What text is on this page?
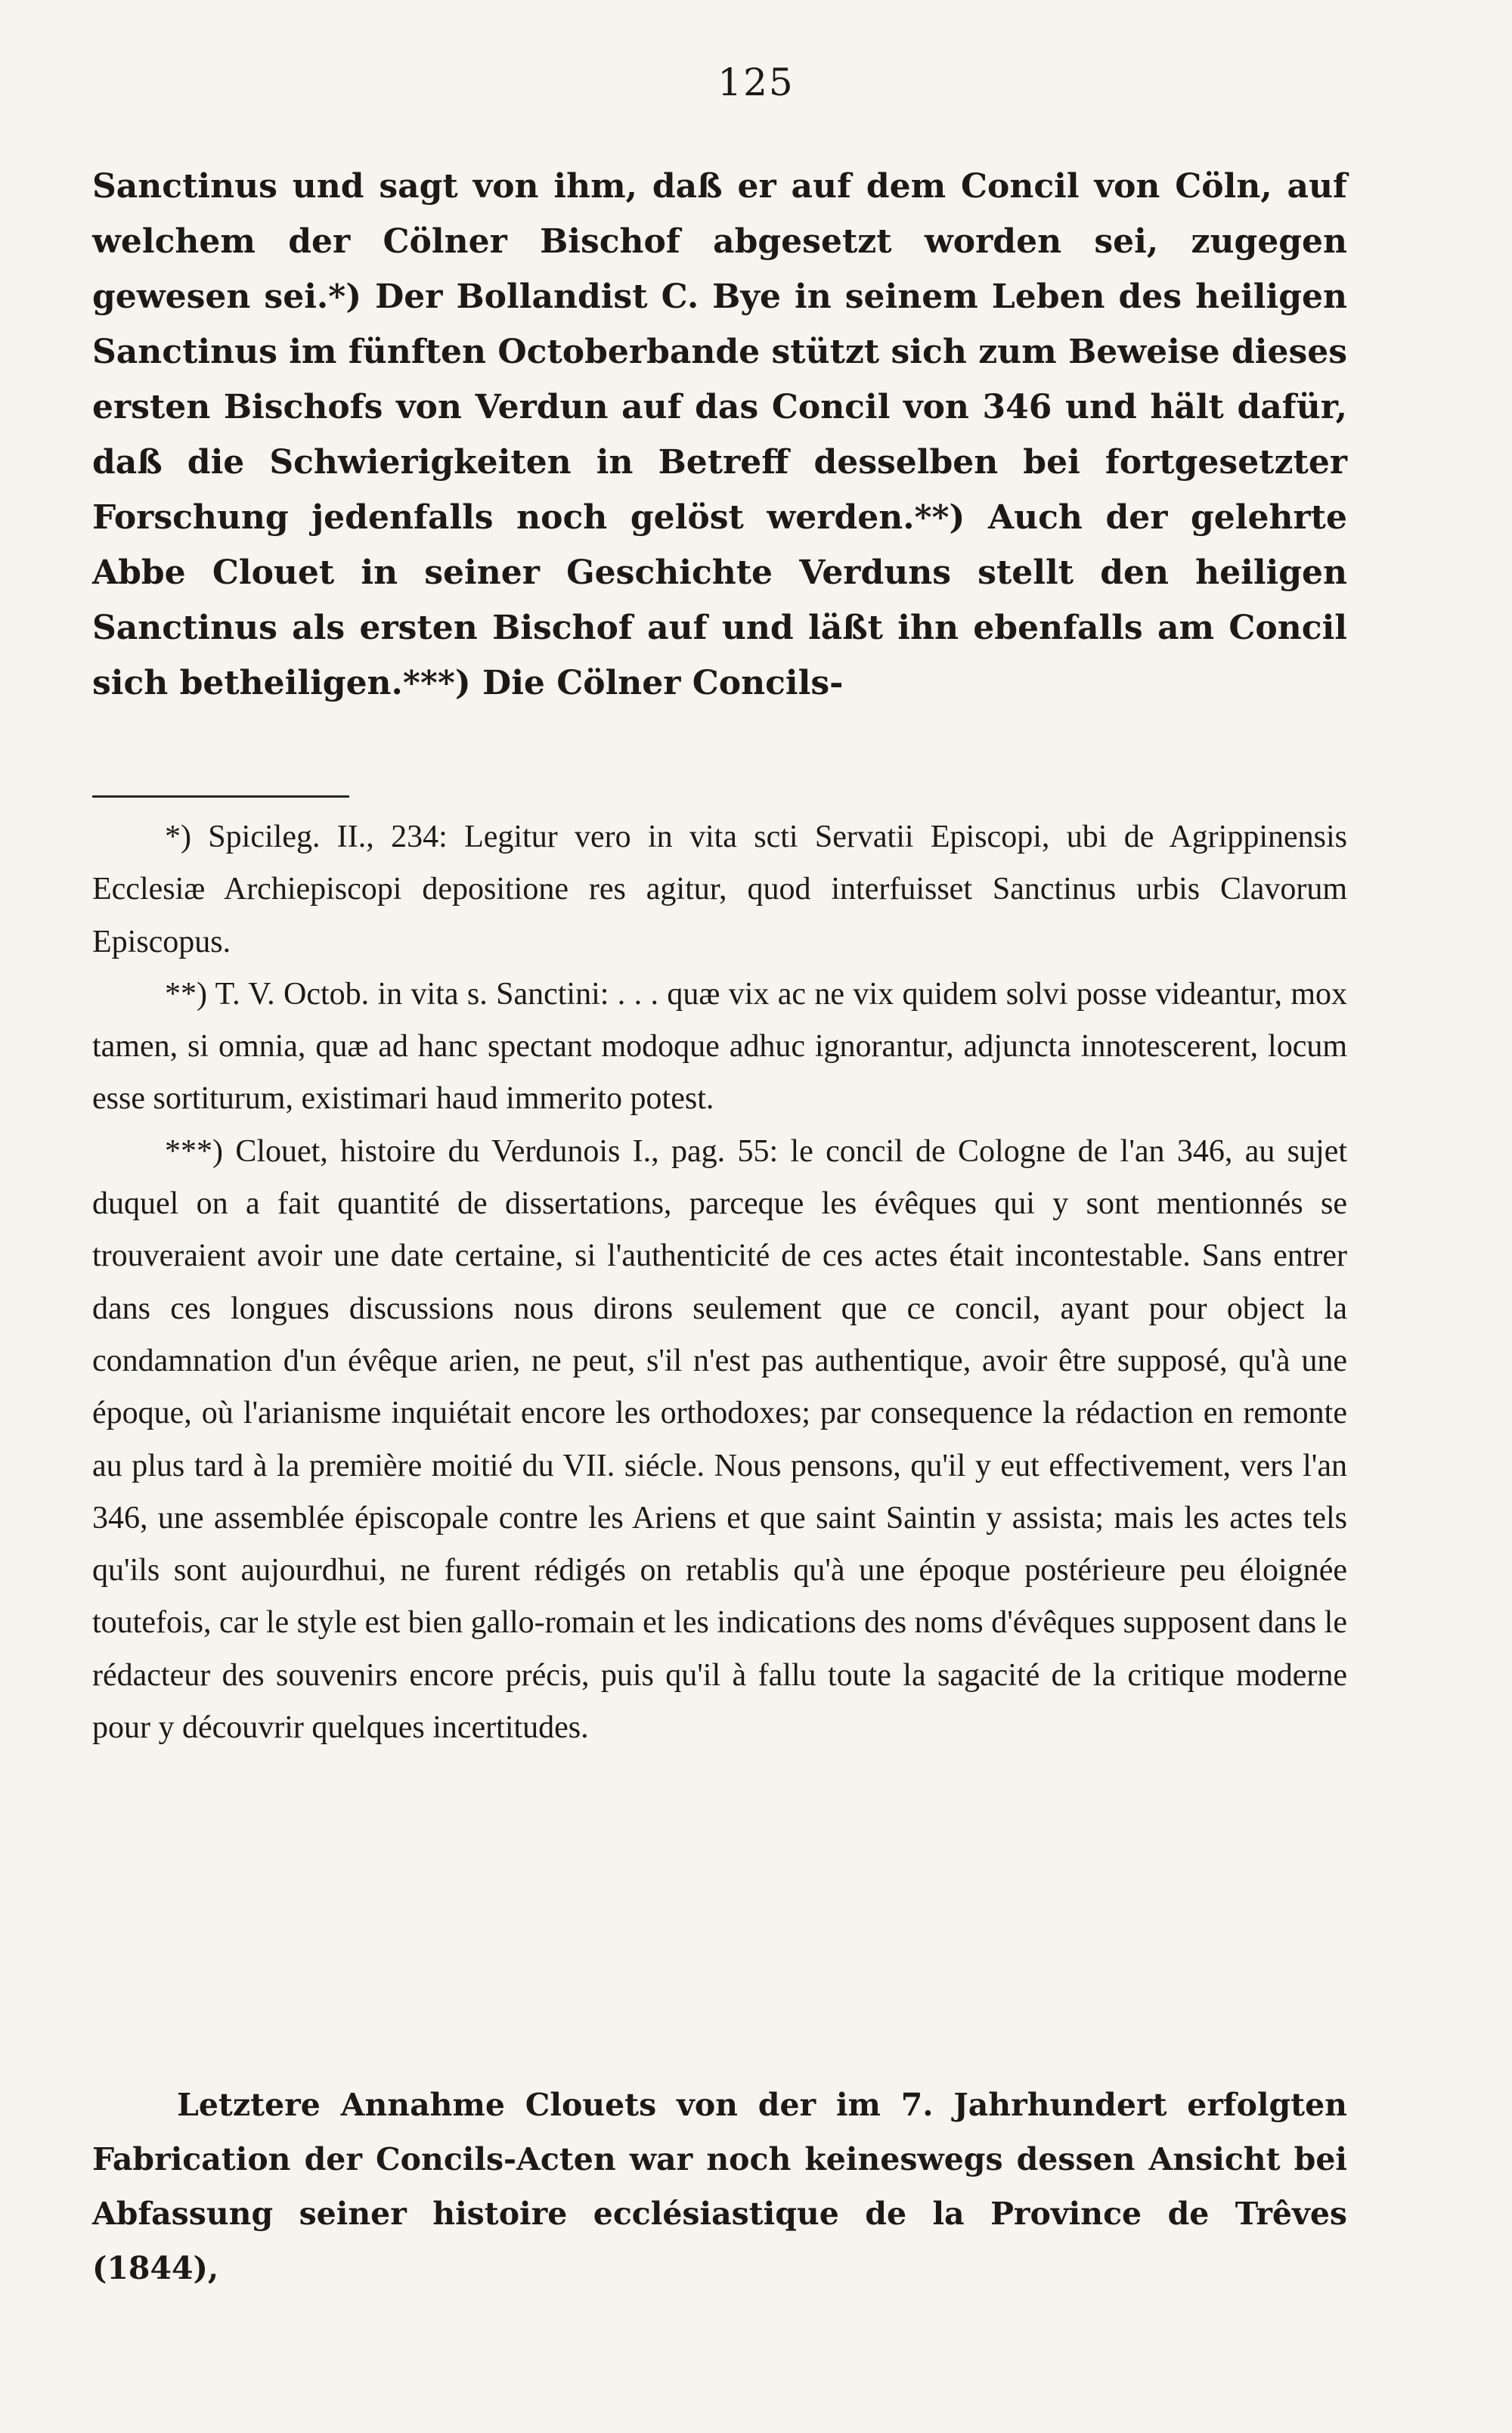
125
Sanctinus und sagt von ihm, daß er auf dem Concil von Cöln, auf welchem der Cölner Bischof abgesetzt worden sei, zugegen gewesen sei.*) Der Bollandist C. Bye in seinem Leben des heiligen Sanctinus im fünften Octoberbande stützt sich zum Beweise dieses ersten Bischofs von Verdun auf das Concil von 346 und hält dafür, daß die Schwierigkeiten in Betreff desselben bei fortgesetzter Forschung jedenfalls noch gelöst werden.**) Auch der gelehrte Abbe Clouet in seiner Geschichte Verduns stellt den heiligen Sanctinus als ersten Bischof auf und läßt ihn ebenfalls am Concil sich betheiligen.***) Die Cölner Concils-

*) Spicileg. II., 234: Legitur vero in vita scti Servatii Episcopi, ubi de Agrippinensis Ecclesiæ Archiepiscopi depositione res agitur, quod interfuisset Sanctinus urbis Clavorum Episcopus.

**) T. V. Octob. in vita s. Sanctini: . . . quæ vix ac ne vix quidem solvi posse videantur, mox tamen, si omnia, quæ ad hanc spectant modoque adhuc ignorantur, adjuncta innotescerent, locum esse sortiturum, existimari haud immerito potest.

***) Clouet, histoire du Verdunois I., pag. 55: le concil de Cologne de l'an 346, au sujet duquel on a fait quantité de dissertations, parceque les évêques qui y sont mentionnés se trouveraient avoir une date certaine, si l'authenticité de ces actes était incontestable. Sans entrer dans ces longues discussions nous dirons seulement que ce concil, ayant pour object la condamnation d'un évêque arien, ne peut, s'il n'est pas authentique, avoir être supposé, qu'à une époque, où l'arianisme inquiétait encore les orthodoxes; par consequence la rédaction en remonte au plus tard à la première moitié du VII. siécle. Nous pensons, qu'il y eut effectivement, vers l'an 346, une assemblée épiscopale contre les Ariens et que saint Saintin y assista; mais les actes tels qu'ils sont aujourdhui, ne furent rédigés on retablis qu'à une époque postérieure peu éloignée toutefois, car le style est bien gallo-romain et les indications des noms d'évêques supposent dans le rédacteur des souvenirs encore précis, puis qu'il à fallu toute la sagacité de la critique moderne pour y découvrir quelques incertitudes.

Letztere Annahme Clouets von der im 7. Jahrhundert erfolgten Fabrication der Concils-Acten war noch keineswegs dessen Ansicht bei Abfassung seiner histoire ecclésiastique de la Province de Trêves (1844),
